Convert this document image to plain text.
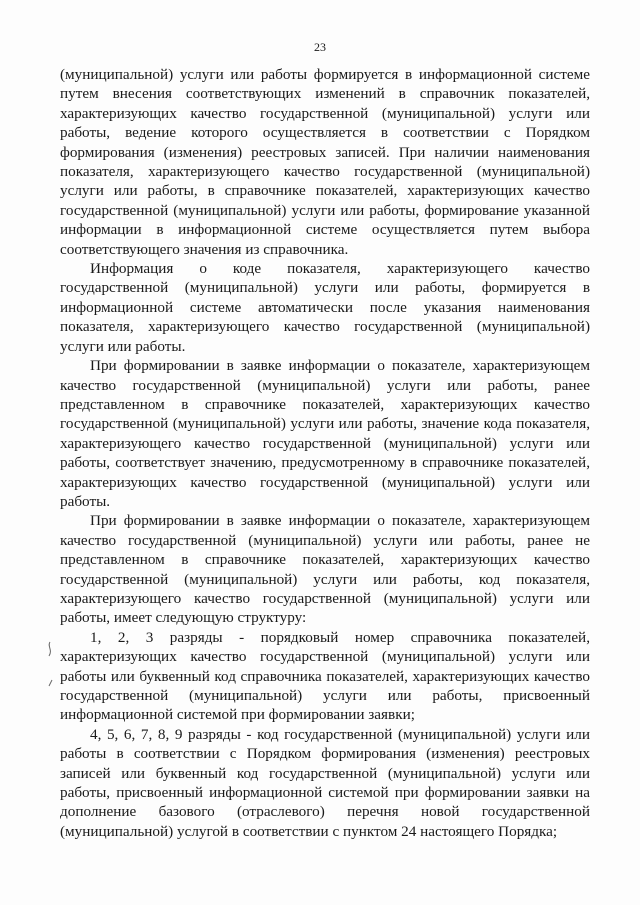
23

(муниципальной) услуги или работы формируется в информационной системе путем внесения соответствующих изменений в справочник показателей, характеризующих качество государственной (муниципальной) услуги или работы, ведение которого осуществляется в соответствии с Порядком формирования (изменения) реестровых записей. При наличии наименования показателя, характеризующего качество государственной (муниципальной) услуги или работы, в справочнике показателей, характеризующих качество государственной (муниципальной) услуги или работы, формирование указанной информации в информационной системе осуществляется путем выбора соответствующего значения из справочника.

Информация о коде показателя, характеризующего качество государственной (муниципальной) услуги или работы, формируется в информационной системе автоматически после указания наименования показателя, характеризующего качество государственной (муниципальной) услуги или работы.

При формировании в заявке информации о показателе, характеризующем качество государственной (муниципальной) услуги или работы, ранее представленном в справочнике показателей, характеризующих качество государственной (муниципальной) услуги или работы, значение кода показателя, характеризующего качество государственной (муниципальной) услуги или работы, соответствует значению, предусмотренному в справочнике показателей, характеризующих качество государственной (муниципальной) услуги или работы.

При формировании в заявке информации о показателе, характеризующем качество государственной (муниципальной) услуги или работы, ранее не представленном в справочнике показателей, характеризующих качество государственной (муниципальной) услуги или работы, код показателя, характеризующего качество государственной (муниципальной) услуги или работы, имеет следующую структуру:

1, 2, 3 разряды - порядковый номер справочника показателей, характеризующих качество государственной (муниципальной) услуги или работы или буквенный код справочника показателей, характеризующих качество государственной (муниципальной) услуги или работы, присвоенный информационной системой при формировании заявки;

4, 5, 6, 7, 8, 9 разряды - код государственной (муниципальной) услуги или работы в соответствии с Порядком формирования (изменения) реестровых записей или буквенный код государственной (муниципальной) услуги или работы, присвоенный информационной системой при формировании заявки на дополнение базового (отраслевого) перечня новой государственной (муниципальной) услугой в соответствии с пунктом 24 настоящего Порядка;
